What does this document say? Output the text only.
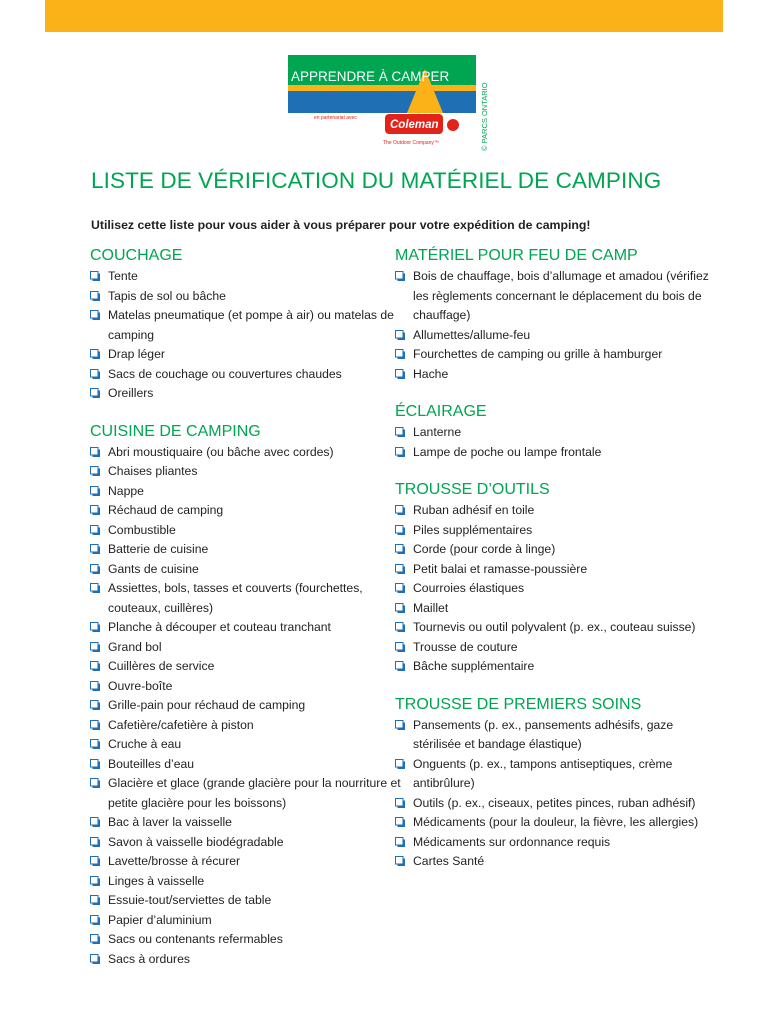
APPRENDRE À CAMPER
en partenariat avec
Coleman
The Outdoor Company™	© PARCS ONTARIO
LISTE DE VÉRIFICATION DU MATÉRIEL DE CAMPING
Utilisez cette liste pour vous aider à vous préparer pour votre expédition de camping!
COUCHAGE
Tente
Tapis de sol ou bâche
Matelas pneumatique (et pompe à air) ou matelas de camping
Drap léger
Sacs de couchage ou couvertures chaudes
Oreillers
CUISINE DE CAMPING
Abri moustiquaire (ou bâche avec cordes)
Chaises pliantes
Nappe
Réchaud de camping
Combustible
Batterie de cuisine
Gants de cuisine
Assiettes, bols, tasses et couverts (fourchettes, couteaux, cuillères)
Planche à découper et couteau tranchant
Grand bol
Cuillères de service
Ouvre-boîte
Grille-pain pour réchaud de camping
Cafetière/cafetière à piston
Cruche à eau
Bouteilles d’eau
Glacière et glace (grande glacière pour la nourriture et petite glacière pour les boissons)
Bac à laver la vaisselle
Savon à vaisselle biodégradable
Lavette/brosse à récurer
Linges à vaisselle
Essuie-tout/serviettes de table
Papier d’aluminium
Sacs ou contenants refermables
Sacs à ordures
MATÉRIEL POUR FEU DE CAMP
Bois de chauffage, bois d’allumage et amadou (vérifiez les règlements concernant le déplacement du bois de chauffage)
Allumettes/allume-feu
Fourchettes de camping ou grille à hamburger
Hache
ÉCLAIRAGE
Lanterne
Lampe de poche ou lampe frontale
TROUSSE D’OUTILS
Ruban adhésif en toile
Piles supplémentaires
Corde (pour corde à linge)
Petit balai et ramasse-poussière
Courroies élastiques
Maillet
Tournevis ou outil polyvalent (p. ex., couteau suisse)
Trousse de couture
Bâche supplémentaire
TROUSSE DE PREMIERS SOINS
Pansements (p. ex., pansements adhésifs, gaze stérilisée et bandage élastique)
Onguents (p. ex., tampons antiseptiques, crème antibrûlure)
Outils (p. ex., ciseaux, petites pinces, ruban adhésif)
Médicaments (pour la douleur, la fièvre, les allergies)
Médicaments sur ordonnance requis
Cartes Santé
